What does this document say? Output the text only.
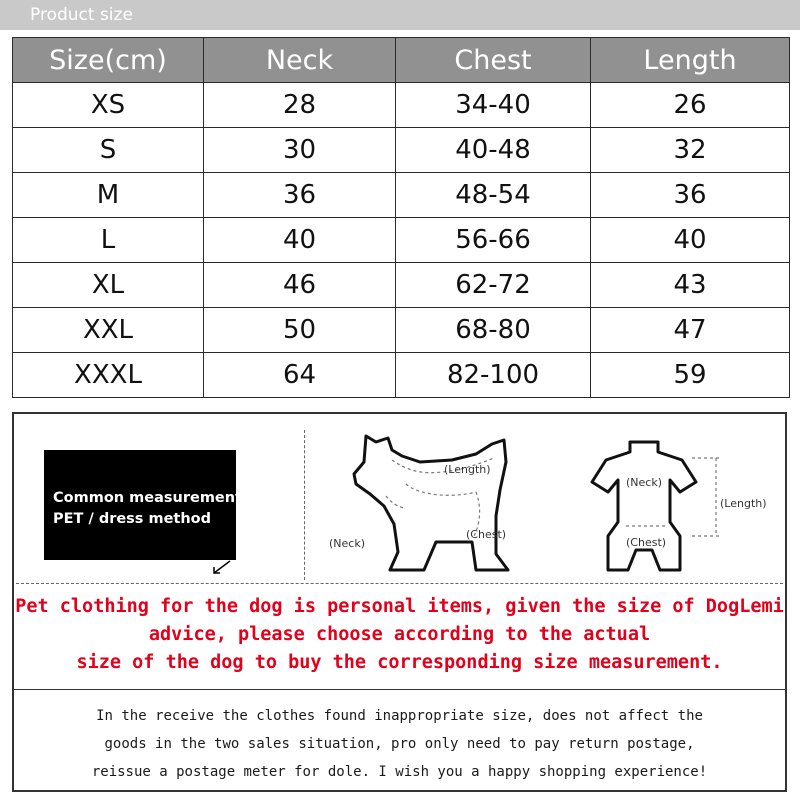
Product size
Size(cm)	Neck	Chest	Length
XS	28	34-40	26
S	30	40-48	32
M	36	48-54	36
L	40	56-66	40
XL	46	62-72	43
XXL	50	68-80	47
XXXL	64	82-100	59
Common measurement
PET / dress method
(Length)
(Neck)
(Chest)
(Neck)
(Length)
(Chest)
Pet clothing for the dog is personal items, given the size of DogLemi
advice, please choose according to the actual
size of the dog to buy the corresponding size measurement.
In the receive the clothes found inappropriate size, does not affect the
goods in the two sales situation, pro only need to pay return postage,
reissue a postage meter for dole. I wish you a happy shopping experience!
